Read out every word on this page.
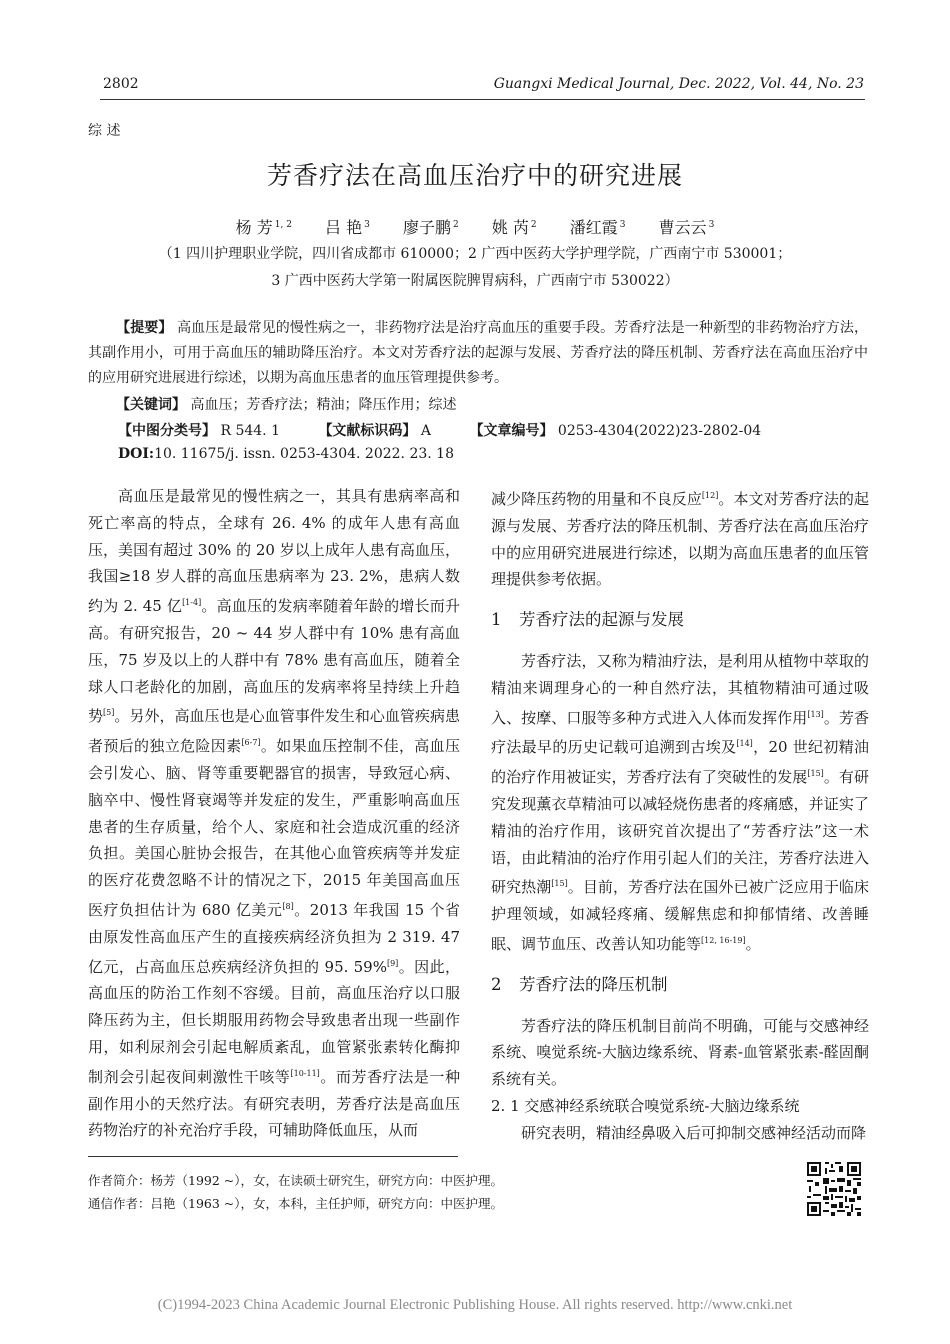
2802	Guangxi Medical Journal, Dec. 2022, Vol. 44, No. 23
综 述
芳香疗法在高血压治疗中的研究进展
杨 芳 $^{1, 2}$ 吕 艳 $^3$ 廖子鹏 $^2$ 姚 芮 $^2$ 潘红霞 $^3$ 曹云云 $^3$
（1 四川护理职业学院，四川省成都市 610000；2 广西中医药大学护理学院，广西南宁市 530001；
3 广西中医药大学第一附属医院脾胃病科，广西南宁市 530022）
【提要】 高血压是最常见的慢性病之一，非药物疗法是治疗高血压的重要手段。芳香疗法是一种新型的非药物治疗方法，其副作用小，可用于高血压的辅助降压治疗。本文对芳香疗法的起源与发展、芳香疗法的降压机制、芳香疗法在高血压治疗中的应用研究进展进行综述，以期为高血压患者的血压管理提供参考。
【关键词】 高血压；芳香疗法；精油；降压作用；综述
【中图分类号】 R 544. 1	【文献标识码】 A	【文章编号】 0253-4304(2022)23-2802-04
DOI:10. 11675/j. issn. 0253-4304. 2022. 23. 18

高血压是最常见的慢性病之一，其具有患病率高和死亡率高的特点，全球有 26. 4% 的成年人患有高血压，美国有超过 30% 的 20 岁以上成年人患有高血压，我国≥18 岁人群的高血压患病率为 23. 2%，患病人数约为 2. 45 亿[1-4]。高血压的发病率随着年龄的增长而升高。有研究报告，20 ~ 44 岁人群中有 10% 患有高血压，75 岁及以上的人群中有 78% 患有高血压，随着全球人口老龄化的加剧，高血压的发病率将呈持续上升趋势[5]。另外，高血压也是心血管事件发生和心血管疾病患者预后的独立危险因素[6-7]。如果血压控制不佳，高血压会引发心、脑、肾等重要靶器官的损害，导致冠心病、脑卒中、慢性肾衰竭等并发症的发生，严重影响高血压患者的生存质量，给个人、家庭和社会造成沉重的经济负担。美国心脏协会报告，在其他心血管疾病等并发症的医疗花费忽略不计的情况之下，2015 年美国高血压医疗负担估计为 680 亿美元[8]。2013 年我国 15 个省由原发性高血压产生的直接疾病经济负担为 2 319. 47 亿元，占高血压总疾病经济负担的 95. 59%[9]。因此，高血压的防治工作刻不容缓。目前，高血压治疗以口服降压药为主，但长期服用药物会导致患者出现一些副作用，如利尿剂会引起电解质紊乱，血管紧张素转化酶抑制剂会引起夜间刺激性干咳等[10-11]。而芳香疗法是一种副作用小的天然疗法。有研究表明，芳香疗法是高血压药物治疗的补充治疗手段，可辅助降低血压，从而

减少降压药物的用量和不良反应[12]。本文对芳香疗法的起源与发展、芳香疗法的降压机制、芳香疗法在高血压治疗中的应用研究进展进行综述，以期为高血压患者的血压管理提供参考依据。

1 芳香疗法的起源与发展

芳香疗法，又称为精油疗法，是利用从植物中萃取的精油来调理身心的一种自然疗法，其植物精油可通过吸入、按摩、口服等多种方式进入人体而发挥作用[13]。芳香疗法最早的历史记载可追溯到古埃及[14]，20 世纪初精油的治疗作用被证实，芳香疗法有了突破性的发展[15]。有研究发现薰衣草精油可以减轻烧伤患者的疼痛感，并证实了精油的治疗作用，该研究首次提出了“芳香疗法”这一术语，由此精油的治疗作用引起人们的关注，芳香疗法进入研究热潮[15]。目前，芳香疗法在国外已被广泛应用于临床护理领域，如减轻疼痛、缓解焦虑和抑郁情绪、改善睡眠、调节血压、改善认知功能等[12, 16-19]。

2 芳香疗法的降压机制

芳香疗法的降压机制目前尚不明确，可能与交感神经系统、嗅觉系统-大脑边缘系统、肾素-血管紧张素-醛固酮系统有关。

2. 1 交感神经系统联合嗅觉系统-大脑边缘系统

研究表明，精油经鼻吸入后可抑制交感神经活动而降

作者简介：杨芳（1992 ~），女，在读硕士研究生，研究方向：中医护理。
通信作者：吕艳（1963 ~），女，本科，主任护师，研究方向：中医护理。
(C)1994-2023 China Academic Journal Electronic Publishing House. All rights reserved. http://www.cnki.net
